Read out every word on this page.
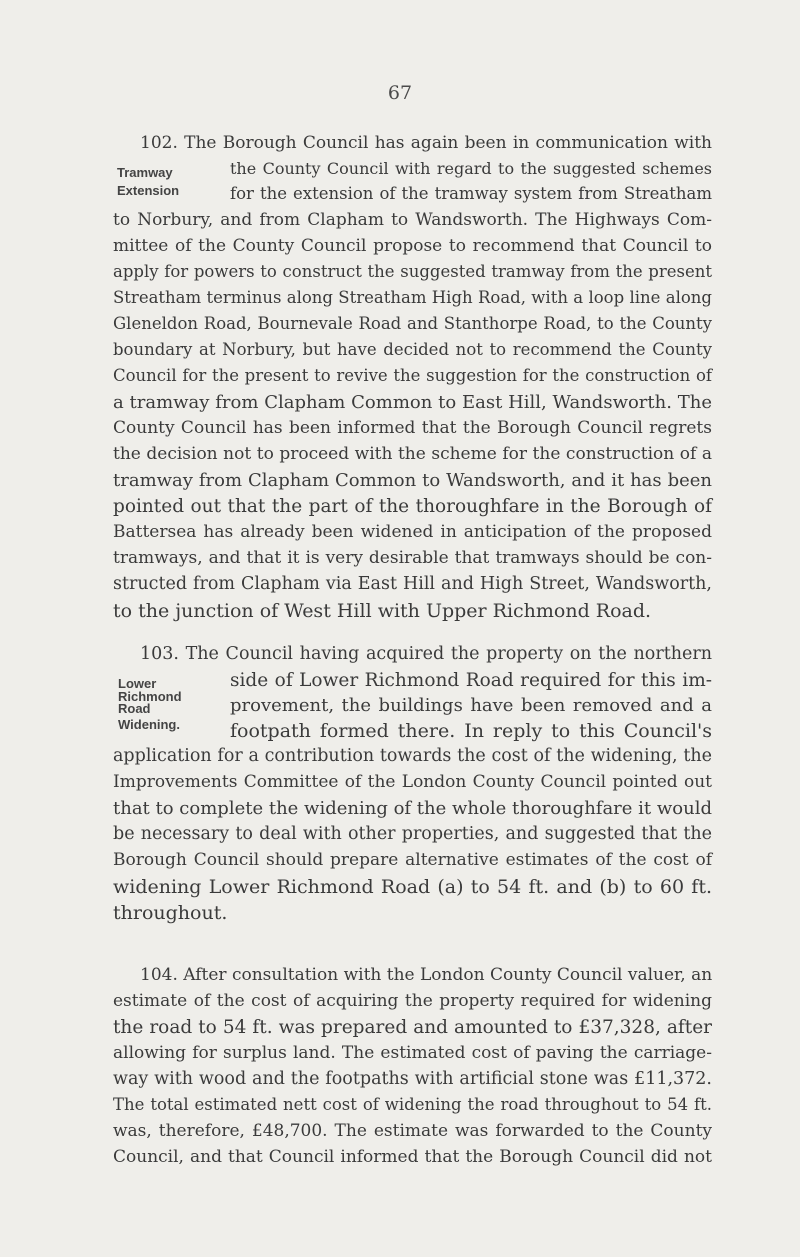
67
Tramway
Extension
102. The Borough Council has again been in communication with
the County Council with regard to the suggested schemes
for the extension of the tramway system from Streatham
to Norbury, and from Clapham to Wandsworth. The Highways Com-
mittee of the County Council propose to recommend that Council to
apply for powers to construct the suggested tramway from the present
Streatham terminus along Streatham High Road, with a loop line along
Gleneldon Road, Bournevale Road and Stanthorpe Road, to the County
boundary at Norbury, but have decided not to recommend the County
Council for the present to revive the suggestion for the construction of
a tramway from Clapham Common to East Hill, Wandsworth. The
County Council has been informed that the Borough Council regrets
the decision not to proceed with the scheme for the construction of a
tramway from Clapham Common to Wandsworth, and it has been
pointed out that the part of the thoroughfare in the Borough of
Battersea has already been widened in anticipation of the proposed
tramways, and that it is very desirable that tramways should be con-
structed from Clapham via East Hill and High Street, Wandsworth,
to the junction of West Hill with Upper Richmond Road.
Lower
Richmond
Road
Widening.
103. The Council having acquired the property on the northern
side of Lower Richmond Road required for this im-
provement, the buildings have been removed and a
footpath formed there. In reply to this Council's
application for a contribution towards the cost of the widening, the
Improvements Committee of the London County Council pointed out
that to complete the widening of the whole thoroughfare it would
be necessary to deal with other properties, and suggested that the
Borough Council should prepare alternative estimates of the cost of
widening Lower Richmond Road (a) to 54 ft. and (b) to 60 ft.
throughout.
104. After consultation with the London County Council valuer, an
estimate of the cost of acquiring the property required for widening
the road to 54 ft. was prepared and amounted to £37,328, after
allowing for surplus land. The estimated cost of paving the carriage-
way with wood and the footpaths with artificial stone was £11,372.
The total estimated nett cost of widening the road throughout to 54 ft.
was, therefore, £48,700. The estimate was forwarded to the County
Council, and that Council informed that the Borough Council did not
